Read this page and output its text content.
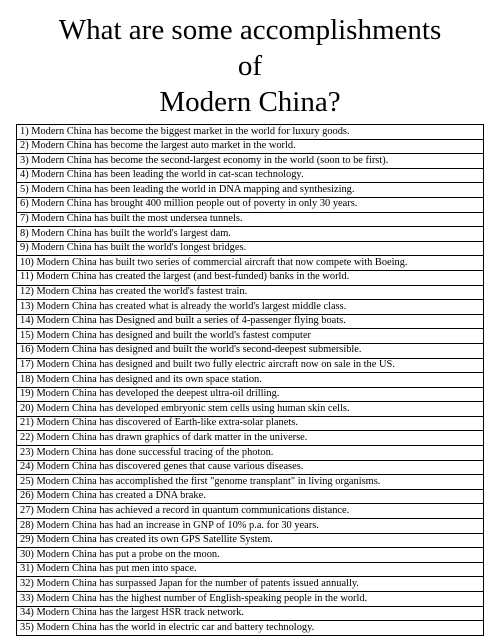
What are some accomplishments
of
Modern China?
1) Modern China has become the biggest market in the world for luxury goods.
2) Modern China has become the largest auto market in the world.
3) Modern China has become the second-largest economy in the world (soon to be first).
4) Modern China has been leading the world in cat-scan technology.
5) Modern China has been leading the world in DNA mapping and synthesizing.
6) Modern China has brought 400 million people out of poverty in only 30 years.
7) Modern China has built the most undersea tunnels.
8) Modern China has built the world's largest dam.
9) Modern China has built the world's longest bridges.
10) Modern China has built two series of commercial aircraft that now compete with Boeing.
11) Modern China has created the largest (and best-funded) banks in the world.
12) Modern China has created the world's fastest train.
13) Modern China has created what is already the world's largest middle class.
14) Modern China has Designed and built a series of 4-passenger flying boats.
15) Modern China has designed and built the world's fastest computer
16) Modern China has designed and built the world's second-deepest submersible.
17) Modern China has designed and built two fully electric aircraft now on sale in the US.
18) Modern China has designed and its own space station.
19) Modern China has developed the deepest ultra-oil drilling.
20) Modern China has developed embryonic stem cells using human skin cells.
21) Modern China has discovered of Earth-like extra-solar planets.
22) Modern China has drawn graphics of dark matter in the universe.
23) Modern China has done successful tracing of the photon.
24) Modern China has discovered genes that cause various diseases.
25) Modern China has accomplished the first "genome transplant" in living organisms.
26) Modern China has created a DNA brake.
27) Modern China has achieved a record in quantum communications distance.
28) Modern China has had an increase in GNP of 10% p.a. for 30 years.
29) Modern China has created its own GPS Satellite System.
30) Modern China has put a probe on the moon.
31) Modern China has put men into space.
32) Modern China has surpassed Japan for the number of patents issued annually.
33) Modern China has the highest number of English-speaking people in the world.
34) Modern China has the largest HSR track network.
35) Modern China has the world in electric car and battery technology.
